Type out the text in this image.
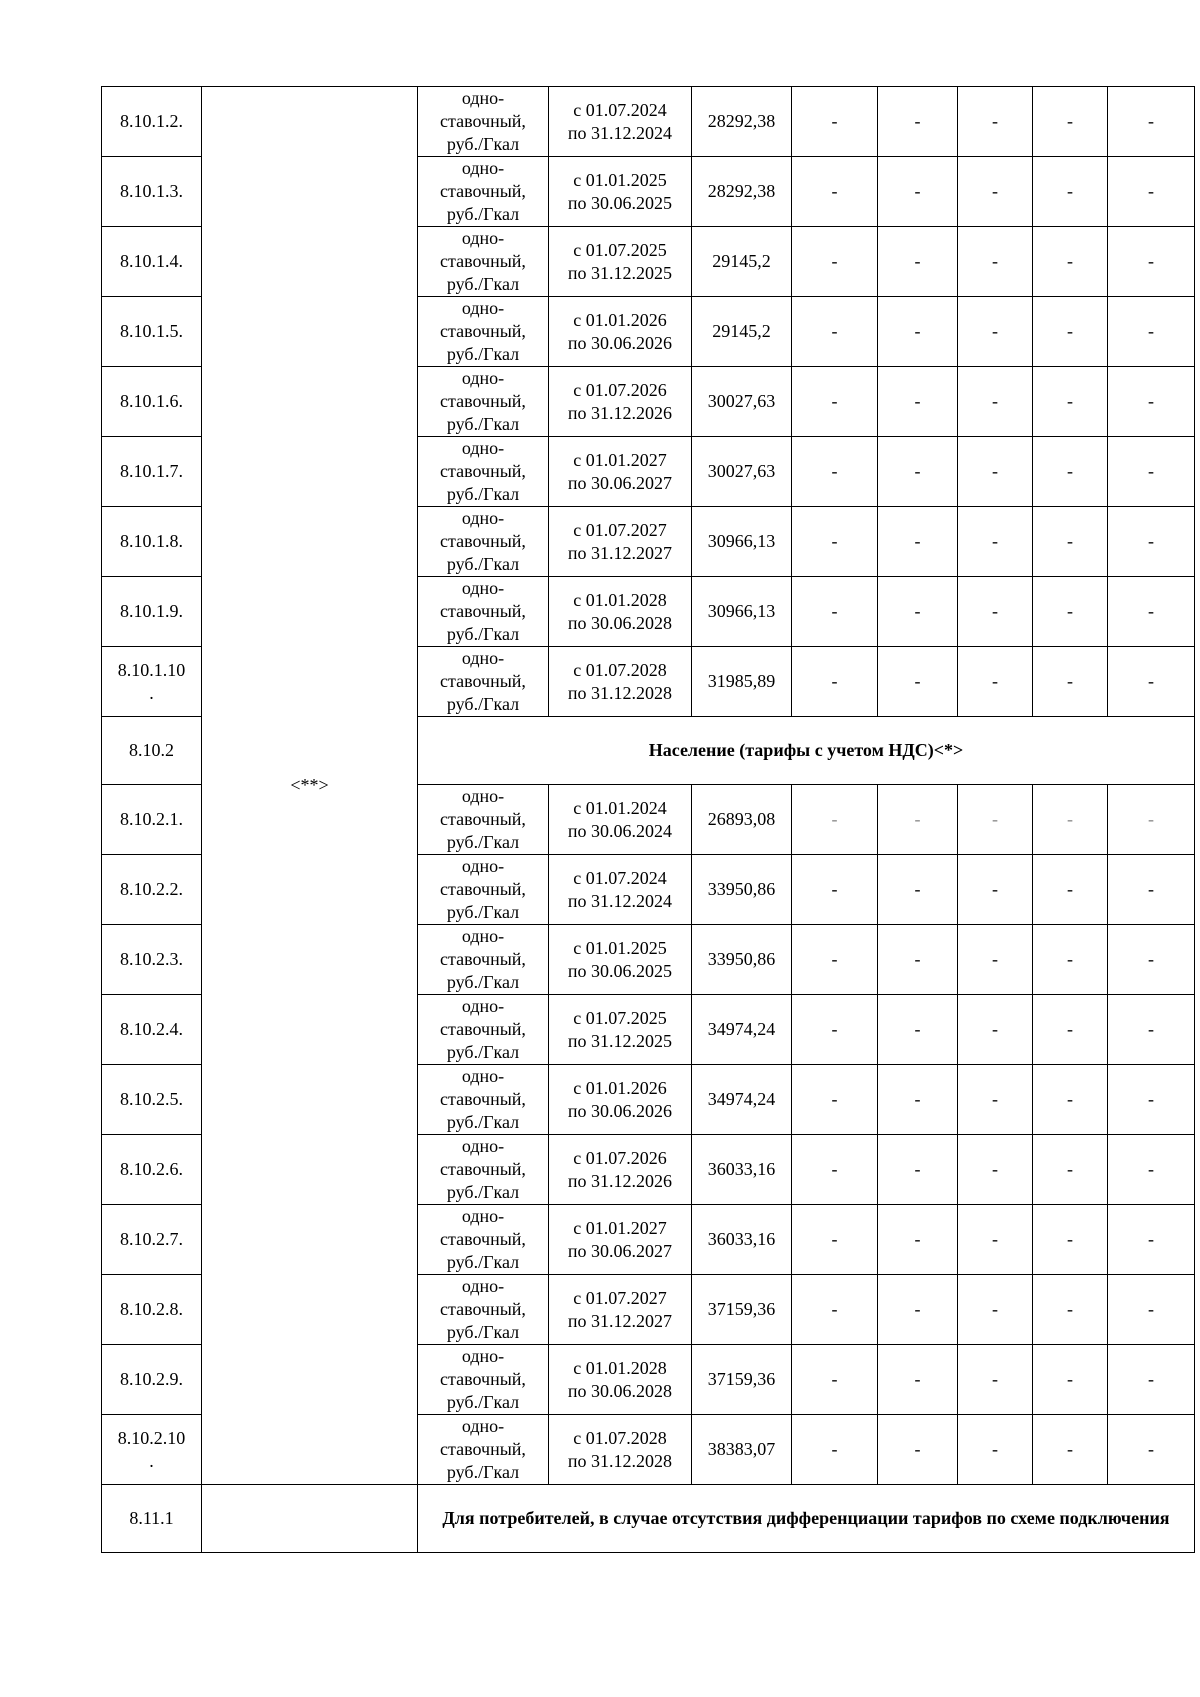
8.10.1.2.	<**>	одно-
ставочный,
руб./Гкал	с 01.07.2024
по 31.12.2024	28292,38	-	-	-	-	-
8.10.1.3.		одно-
ставочный,
руб./Гкал	с 01.01.2025
по 30.06.2025	28292,38	-	-	-	-	-
8.10.1.4.		одно-
ставочный,
руб./Гкал	с 01.07.2025
по 31.12.2025	29145,2	-	-	-	-	-
8.10.1.5.		одно-
ставочный,
руб./Гкал	с 01.01.2026
по 30.06.2026	29145,2	-	-	-	-	-
8.10.1.6.		одно-
ставочный,
руб./Гкал	с 01.07.2026
по 31.12.2026	30027,63	-	-	-	-	-
8.10.1.7.		одно-
ставочный,
руб./Гкал	с 01.01.2027
по 30.06.2027	30027,63	-	-	-	-	-
8.10.1.8.		одно-
ставочный,
руб./Гкал	с 01.07.2027
по 31.12.2027	30966,13	-	-	-	-	-
8.10.1.9.		одно-
ставочный,
руб./Гкал	с 01.01.2028
по 30.06.2028	30966,13	-	-	-	-	-
8.10.1.10
.		одно-
ставочный,
руб./Гкал	с 01.07.2028
по 31.12.2028	31985,89	-	-	-	-	-
8.10.2		Население (тарифы с учетом НДС)<*>							
8.10.2.1.		одно-
ставочный,
руб./Гкал	с 01.01.2024
по 30.06.2024	26893,08	-	-	-	-	-
8.10.2.2.		одно-
ставочный,
руб./Гкал	с 01.07.2024
по 31.12.2024	33950,86	-	-	-	-	-
8.10.2.3.		одно-
ставочный,
руб./Гкал	с 01.01.2025
по 30.06.2025	33950,86	-	-	-	-	-
8.10.2.4.		одно-
ставочный,
руб./Гкал	с 01.07.2025
по 31.12.2025	34974,24	-	-	-	-	-
8.10.2.5.		одно-
ставочный,
руб./Гкал	с 01.01.2026
по 30.06.2026	34974,24	-	-	-	-	-
8.10.2.6.		одно-
ставочный,
руб./Гкал	с 01.07.2026
по 31.12.2026	36033,16	-	-	-	-	-
8.10.2.7.		одно-
ставочный,
руб./Гкал	с 01.01.2027
по 30.06.2027	36033,16	-	-	-	-	-
8.10.2.8.		одно-
ставочный,
руб./Гкал	с 01.07.2027
по 31.12.2027	37159,36	-	-	-	-	-
8.10.2.9.		одно-
ставочный,
руб./Гкал	с 01.01.2028
по 30.06.2028	37159,36	-	-	-	-	-
8.10.2.10
.		одно-
ставочный,
руб./Гкал	с 01.07.2028
по 31.12.2028	38383,07	-	-	-	-	-
8.11.1		Для потребителей, в случае отсутствия дифференциации тарифов по схеме подключения							
